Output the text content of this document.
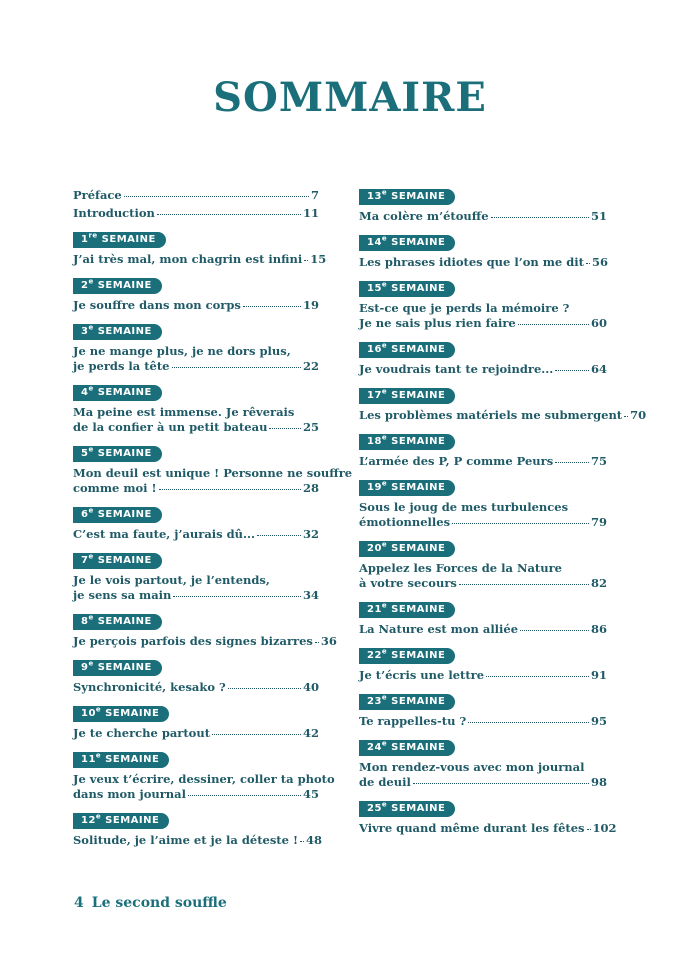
SOMMAIRE
Préface	7
Introduction	11
1re SEMAINE
J’ai très mal, mon chagrin est infini 15
2e SEMAINE
Je souffre dans mon corps	19
3e SEMAINE
Je ne mange plus, je ne dors plus,
je perds la tête	22
4e SEMAINE
Ma peine est immense. Je rêverais
de la confier à un petit bateau	25
5e SEMAINE
Mon deuil est unique ! Personne ne souffre
comme moi !	28
6e SEMAINE
C’est ma faute, j’aurais dû...	32
7e SEMAINE
Je le vois partout, je l’entends,
je sens sa main	34
8e SEMAINE
Je perçois parfois des signes bizarres 36
9e SEMAINE
Synchronicité, kesako ?	40
10e SEMAINE
Je te cherche partout	42
11e SEMAINE
Je veux t’écrire, dessiner, coller ta photo
dans mon journal	45
12e SEMAINE
Solitude, je l’aime et je la déteste ! 48
13e SEMAINE
Ma colère m’étouffe	51
14e SEMAINE
Les phrases idiotes que l’on me dit 56
15e SEMAINE
Est-ce que je perds la mémoire ?
Je ne sais plus rien faire	60
16e SEMAINE
Je voudrais tant te rejoindre...	64
17e SEMAINE
Les problèmes matériels me submergent 70
18e SEMAINE
L’armée des P, P comme Peurs	75
19e SEMAINE
Sous le joug de mes turbulences
émotionnelles	79
20e SEMAINE
Appelez les Forces de la Nature
à votre secours	82
21e SEMAINE
La Nature est mon alliée	86
22e SEMAINE
Je t’écris une lettre	91
23e SEMAINE
Te rappelles-tu ?	95
24e SEMAINE
Mon rendez-vous avec mon journal
de deuil	98
25e SEMAINE
Vivre quand même durant les fêtes 102
4 Le second souffle
